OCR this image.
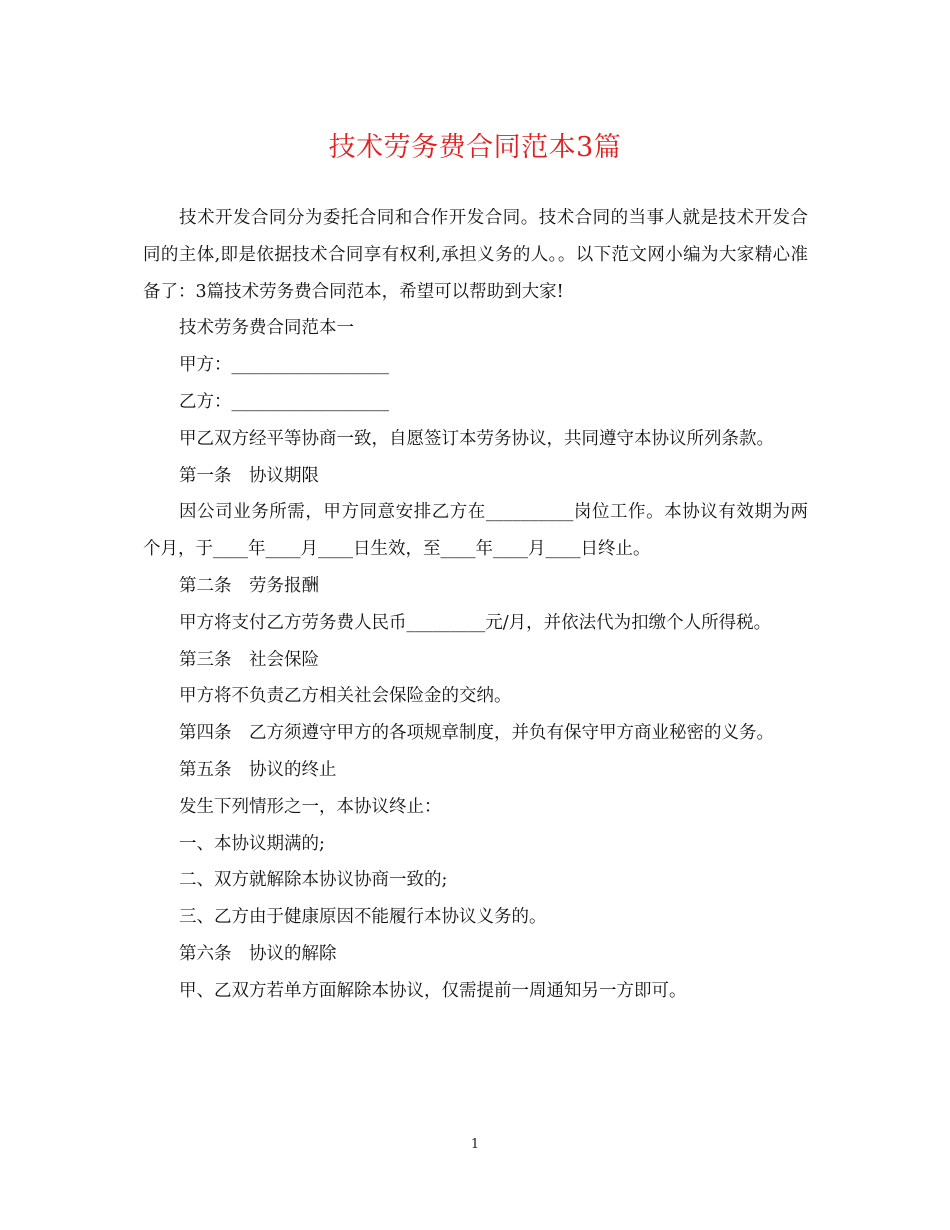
技术劳务费合同范本3篇

技术开发合同分为委托合同和合作开发合同。技术合同的当事人就是技术开发合同的主体,即是依据技术合同享有权利,承担义务的人。。以下范文网小编为大家精心准备了：3篇技术劳务费合同范本，希望可以帮助到大家!

技术劳务费合同范本一

甲方：__________________

乙方：__________________

甲乙双方经平等协商一致，自愿签订本劳务协议，共同遵守本协议所列条款。

第一条　协议期限

因公司业务所需，甲方同意安排乙方在__________岗位工作。本协议有效期为两个月，于____年____月____日生效，至____年____月____日终止。

第二条　劳务报酬

甲方将支付乙方劳务费人民币_________元/月，并依法代为扣缴个人所得税。

第三条　社会保险

甲方将不负责乙方相关社会保险金的交纳。

第四条　乙方须遵守甲方的各项规章制度，并负有保守甲方商业秘密的义务。

第五条　协议的终止

发生下列情形之一，本协议终止：

一、本协议期满的;

二、双方就解除本协议协商一致的;

三、乙方由于健康原因不能履行本协议义务的。

第六条　协议的解除

甲、乙双方若单方面解除本协议，仅需提前一周通知另一方即可。

1
